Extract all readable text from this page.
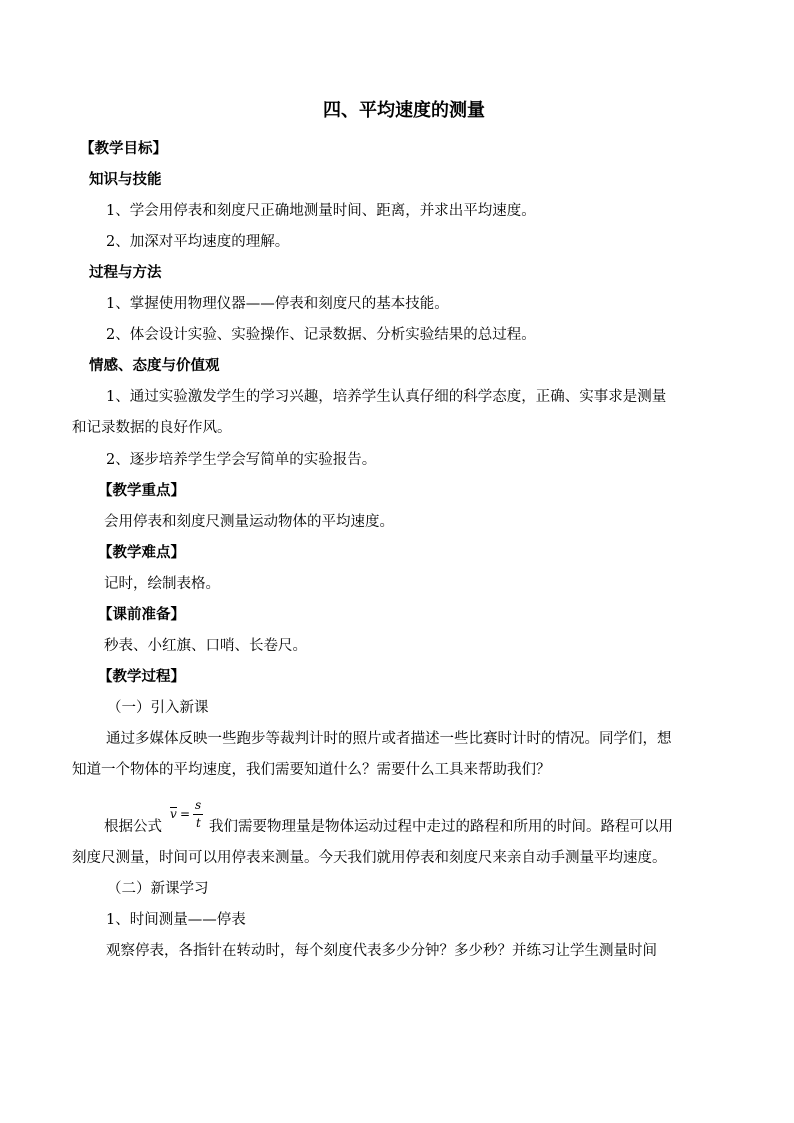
四、平均速度的测量
【教学目标】
知识与技能
1、学会用停表和刻度尺正确地测量时间、距离，并求出平均速度。
2、加深对平均速度的理解。
过程与方法
1、掌握使用物理仪器——停表和刻度尺的基本技能。
2、体会设计实验、实验操作、记录数据、分析实验结果的总过程。
情感、态度与价值观
1、通过实验激发学生的学习兴趣，培养学生认真仔细的科学态度，正确、实事求是测量
和记录数据的良好作风。
2、逐步培养学生学会写简单的实验报告。
【教学重点】
会用停表和刻度尺测量运动物体的平均速度。
【教学难点】
记时，绘制表格。
【课前准备】
秒表、小红旗、口哨、长卷尺。
【教学过程】
（一）引入新课
通过多媒体反映一些跑步等裁判计时的照片或者描述一些比赛时计时的情况。同学们，想
知道一个物体的平均速度，我们需要知道什么？需要什么工具来帮助我们？
根据公式
v =
s
t 我们需要物理量是物体运动过程中走过的路程和所用的时间。路程可以用
刻度尺测量，时间可以用停表来测量。今天我们就用停表和刻度尺来亲自动手测量平均速度。
（二）新课学习
1、时间测量——停表
观察停表，各指针在转动时，每个刻度代表多少分钟？多少秒？并练习让学生测量时间
